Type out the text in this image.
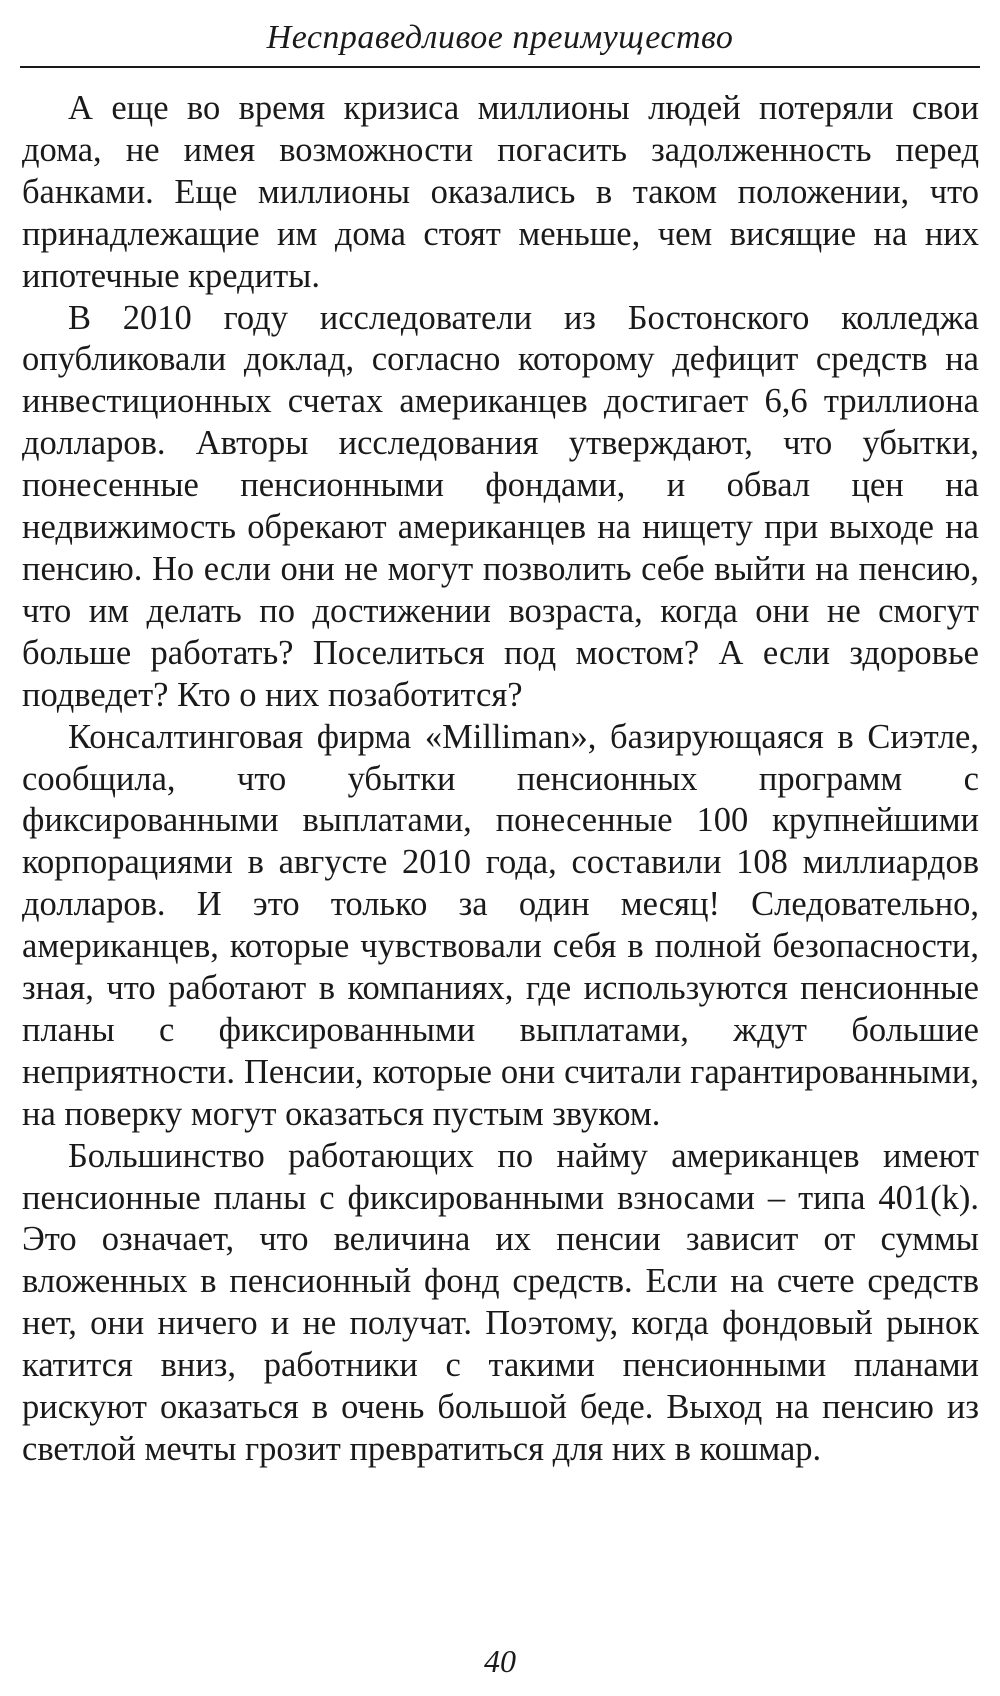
Несправедливое преимущество

А еще во время кризиса миллионы людей потеряли свои дома, не имея возможности погасить задолженность перед банками. Еще миллионы оказались в таком положении, что принадлежащие им дома стоят меньше, чем висящие на них ипотечные кредиты.

В 2010 году исследователи из Бостонского колледжа опубликовали доклад, согласно которому дефицит средств на инвестиционных счетах американцев достигает 6,6 триллиона долларов. Авторы исследования утверждают, что убытки, понесенные пенсионными фондами, и обвал цен на недвижимость обрекают американцев на нищету при выходе на пенсию. Но если они не могут позволить себе выйти на пенсию, что им делать по достижении возраста, когда они не смогут больше работать? Поселиться под мостом? А если здоровье подведет? Кто о них позаботится?

Консалтинговая фирма «Milliman», базирующаяся в Сиэтле, сообщила, что убытки пенсионных программ с фиксированными выплатами, понесенные 100 крупнейшими корпорациями в августе 2010 года, составили 108 миллиардов долларов. И это только за один месяц! Следовательно, американцев, которые чувствовали себя в полной безопасности, зная, что работают в компаниях, где используются пенсионные планы с фиксированными выплатами, ждут большие неприятности. Пенсии, которые они считали гарантированными, на поверку могут оказаться пустым звуком.

Большинство работающих по найму американцев имеют пенсионные планы с фиксированными взносами – типа 401(k). Это означает, что величина их пенсии зависит от суммы вложенных в пенсионный фонд средств. Если на счете средств нет, они ничего и не получат. Поэтому, когда фондовый рынок катится вниз, работники с такими пенсионными планами рискуют оказаться в очень большой беде. Выход на пенсию из светлой мечты грозит превратиться для них в кошмар.

40
